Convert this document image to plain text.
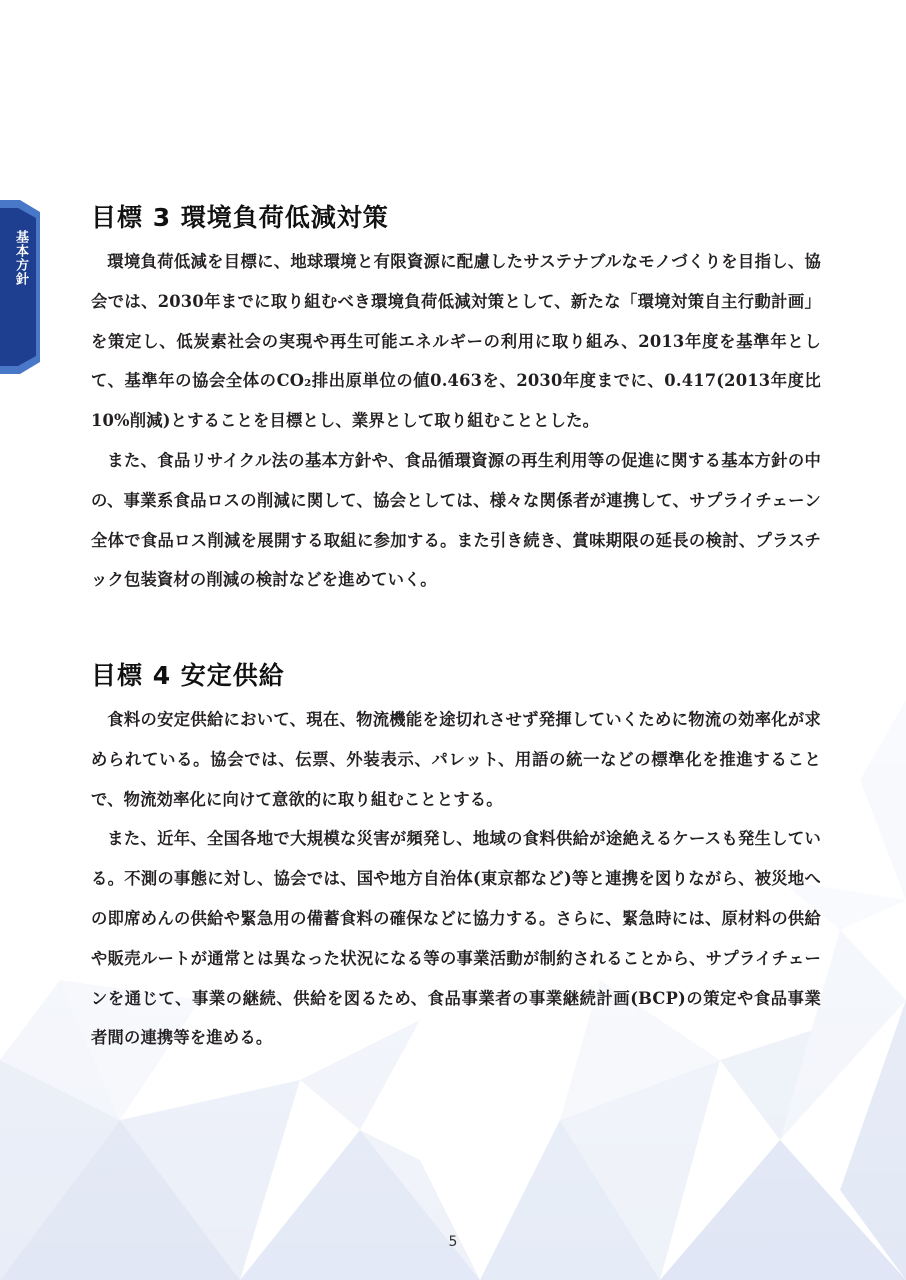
基本方針
目標 3 環境負荷低減対策

環境負荷低減を目標に、地球環境と有限資源に配慮したサステナブルなモノづくりを目指し、協会では、2030年までに取り組むべき環境負荷低減対策として、新たな「環境対策自主行動計画」を策定し、低炭素社会の実現や再生可能エネルギーの利用に取り組み、2013年度を基準年として、基準年の協会全体のCO₂排出原単位の値0.463を、2030年度までに、0.417(2013年度比10%削減)とすることを目標とし、業界として取り組むこととした。

また、食品リサイクル法の基本方針や、食品循環資源の再生利用等の促進に関する基本方針の中の、事業系食品ロスの削減に関して、協会としては、様々な関係者が連携して、サプライチェーン全体で食品ロス削減を展開する取組に参加する。また引き続き、賞味期限の延長の検討、プラスチック包装資材の削減の検討などを進めていく。

目標 4 安定供給

食料の安定供給において、現在、物流機能を途切れさせず発揮していくために物流の効率化が求められている。協会では、伝票、外装表示、パレット、用語の統一などの標準化を推進することで、物流効率化に向けて意欲的に取り組むこととする。

また、近年、全国各地で大規模な災害が頻発し、地域の食料供給が途絶えるケースも発生している。不測の事態に対し、協会では、国や地方自治体(東京都など)等と連携を図りながら、被災地への即席めんの供給や緊急用の備蓄食料の確保などに協力する。さらに、緊急時には、原材料の供給や販売ルートが通常とは異なった状況になる等の事業活動が制約されることから、サプライチェーンを通じて、事業の継続、供給を図るため、食品事業者の事業継続計画(BCP)の策定や食品事業者間の連携等を進める。

5
